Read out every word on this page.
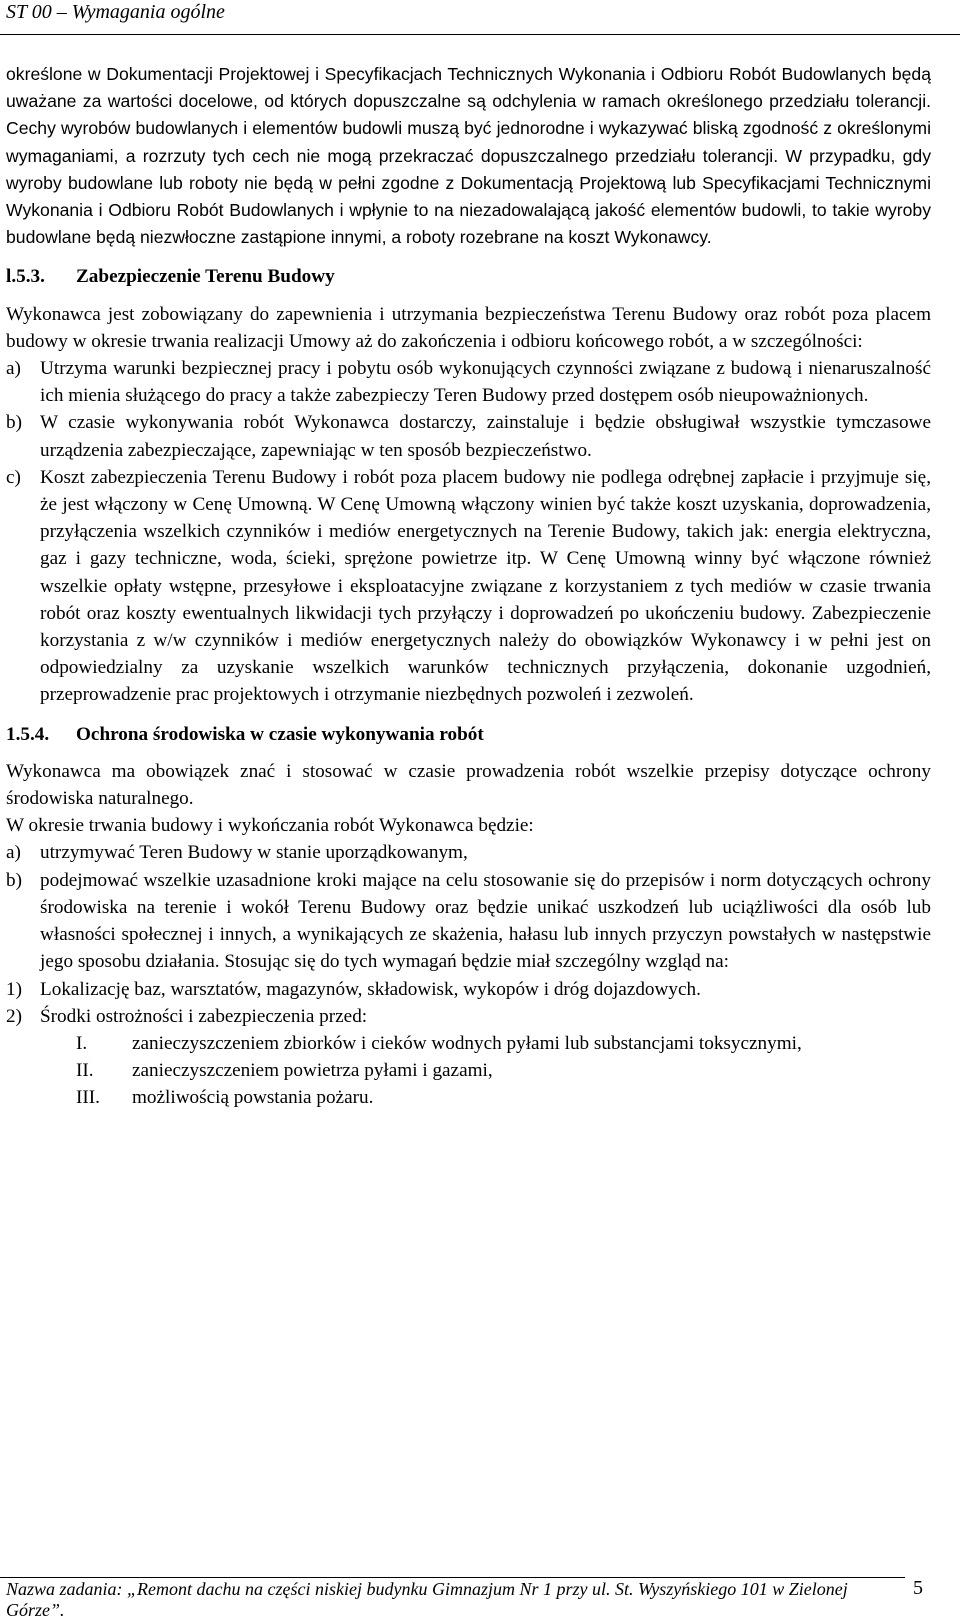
ST 00 – Wymagania ogólne

określone w Dokumentacji Projektowej i Specyfikacjach Technicznych Wykonania i Odbioru Robót Budowlanych będą uważane za wartości docelowe, od których dopuszczalne są odchylenia w ramach określonego przedziału tolerancji. Cechy wyrobów budowlanych i elementów budowli muszą być jednorodne i wykazywać bliską zgodność z określonymi wymaganiami, a rozrzuty tych cech nie mogą przekraczać dopuszczalnego przedziału tolerancji. W przypadku, gdy wyroby budowlane lub roboty nie będą w pełni zgodne z Dokumentacją Projektową lub Specyfikacjami Technicznymi Wykonania i Odbioru Robót Budowlanych i wpłynie to na niezadowalającą jakość elementów budowli, to takie wyroby budowlane będą niezwłoczne zastąpione innymi, a roboty rozebrane na koszt Wykonawcy.

l.5.3. Zabezpieczenie Terenu Budowy

Wykonawca jest zobowiązany do zapewnienia i utrzymania bezpieczeństwa Terenu Budowy oraz robót poza placem budowy w okresie trwania realizacji Umowy aż do zakończenia i odbioru końcowego robót, a w szczególności:

a) Utrzyma warunki bezpiecznej pracy i pobytu osób wykonujących czynności związane z budową i nienaruszalność ich mienia służącego do pracy a także zabezpieczy Teren Budowy przed dostępem osób nieupoważnionych.
b) W czasie wykonywania robót Wykonawca dostarczy, zainstaluje i będzie obsługiwał wszystkie tymczasowe urządzenia zabezpieczające, zapewniając w ten sposób bezpieczeństwo.
c) Koszt zabezpieczenia Terenu Budowy i robót poza placem budowy nie podlega odrębnej zapłacie i przyjmuje się, że jest włączony w Cenę Umowną. W Cenę Umowną włączony winien być także koszt uzyskania, doprowadzenia, przyłączenia wszelkich czynników i mediów energetycznych na Terenie Budowy, takich jak: energia elektryczna, gaz i gazy techniczne, woda, ścieki, sprężone powietrze itp. W Cenę Umowną winny być włączone również wszelkie opłaty wstępne, przesyłowe i eksploatacyjne związane z korzystaniem z tych mediów w czasie trwania robót oraz koszty ewentualnych likwidacji tych przyłączy i doprowadzeń po ukończeniu budowy. Zabezpieczenie korzystania z w/w czynników i mediów energetycznych należy do obowiązków Wykonawcy i w pełni jest on odpowiedzialny za uzyskanie wszelkich warunków technicznych przyłączenia, dokonanie uzgodnień, przeprowadzenie prac projektowych i otrzymanie niezbędnych pozwoleń i zezwoleń.
1.5.4. Ochrona środowiska w czasie wykonywania robót

Wykonawca ma obowiązek znać i stosować w czasie prowadzenia robót wszelkie przepisy dotyczące ochrony środowiska naturalnego.

W okresie trwania budowy i wykończania robót Wykonawca będzie:

a) utrzymywać Teren Budowy w stanie uporządkowanym,
b) podejmować wszelkie uzasadnione kroki mające na celu stosowanie się do przepisów i norm dotyczących ochrony środowiska na terenie i wokół Terenu Budowy oraz będzie unikać uszkodzeń lub uciążliwości dla osób lub własności społecznej i innych, a wynikających ze skażenia, hałasu lub innych przyczyn powstałych w następstwie jego sposobu działania. Stosując się do tych wymagań będzie miał szczególny wzgląd na:
1) Lokalizację baz, warsztatów, magazynów, składowisk, wykopów i dróg dojazdowych.
2) Środki ostrożności i zabezpieczenia przed:
I.	zanieczyszczeniem zbiorków i cieków wodnych pyłami lub substancjami toksycznymi,
II.	zanieczyszczeniem powietrza pyłami i gazami,
III.	możliwością powstania pożaru.
Nazwa zadania: „Remont dachu na części niskiej budynku Gimnazjum Nr 1 przy ul. St. Wyszyńskiego 101 w Zielonej Górze”.
5
